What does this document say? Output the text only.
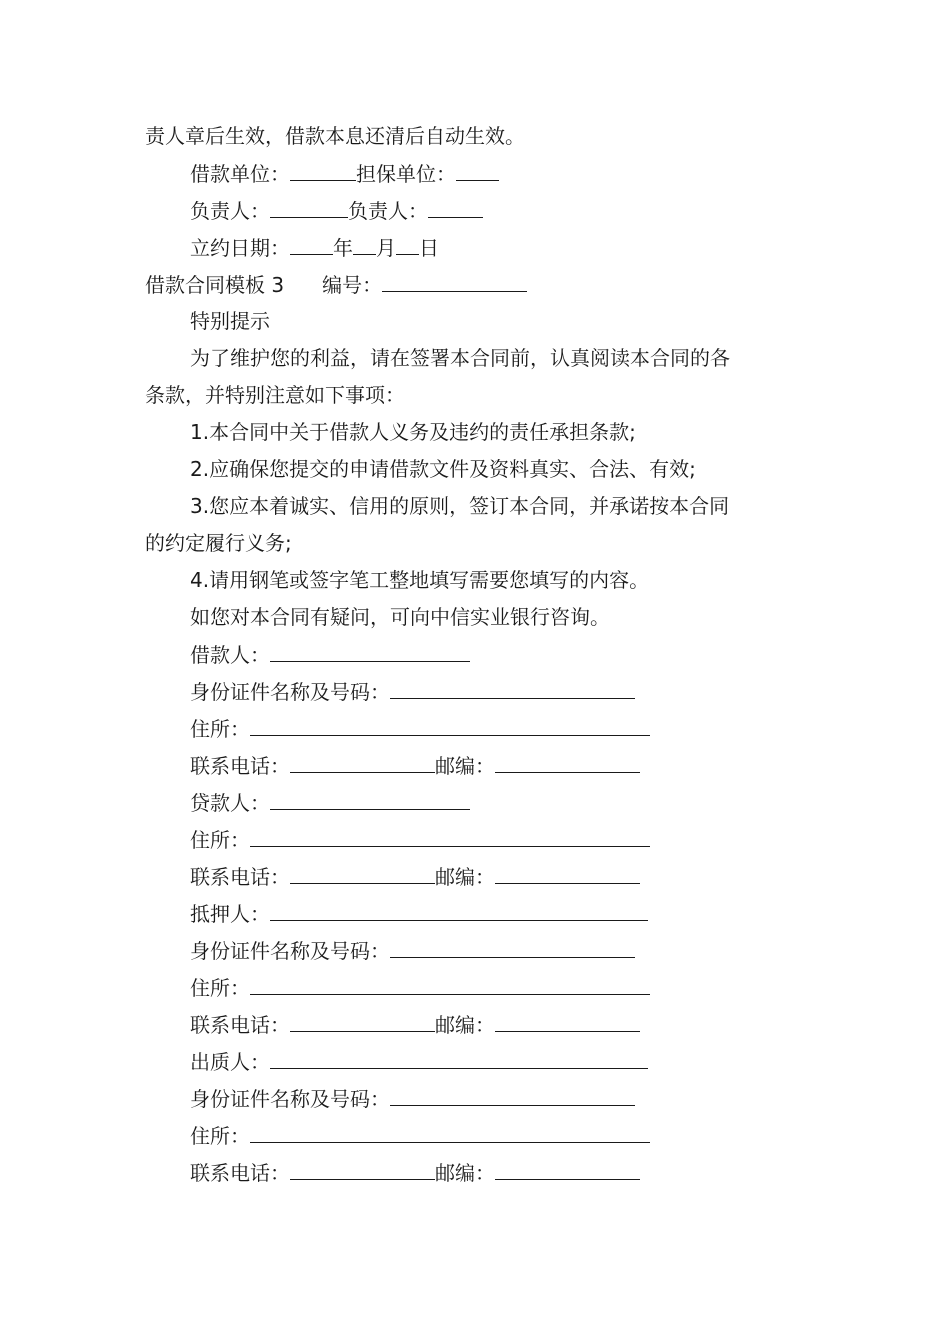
责人章后生效，借款本息还清后自动生效。
借款单位：	担保单位：
负责人：	负责人：
立约日期： 年 月 日
借款合同模板 3 编号：
特别提示
为了维护您的利益，请在签署本合同前，认真阅读本合同的各
条款，并特别注意如下事项：
1.本合同中关于借款人义务及违约的责任承担条款;
2.应确保您提交的申请借款文件及资料真实、合法、有效;
3.您应本着诚实、信用的原则，签订本合同，并承诺按本合同
的约定履行义务;
4.请用钢笔或签字笔工整地填写需要您填写的内容。
如您对本合同有疑问，可向中信实业银行咨询。
借款人：
身份证件名称及号码：
住所：
联系电话：	邮编：
贷款人：
住所：
联系电话：	邮编：
抵押人：
身份证件名称及号码：
住所：
联系电话：	邮编：
出质人：
身份证件名称及号码：
住所：
联系电话：	邮编：
